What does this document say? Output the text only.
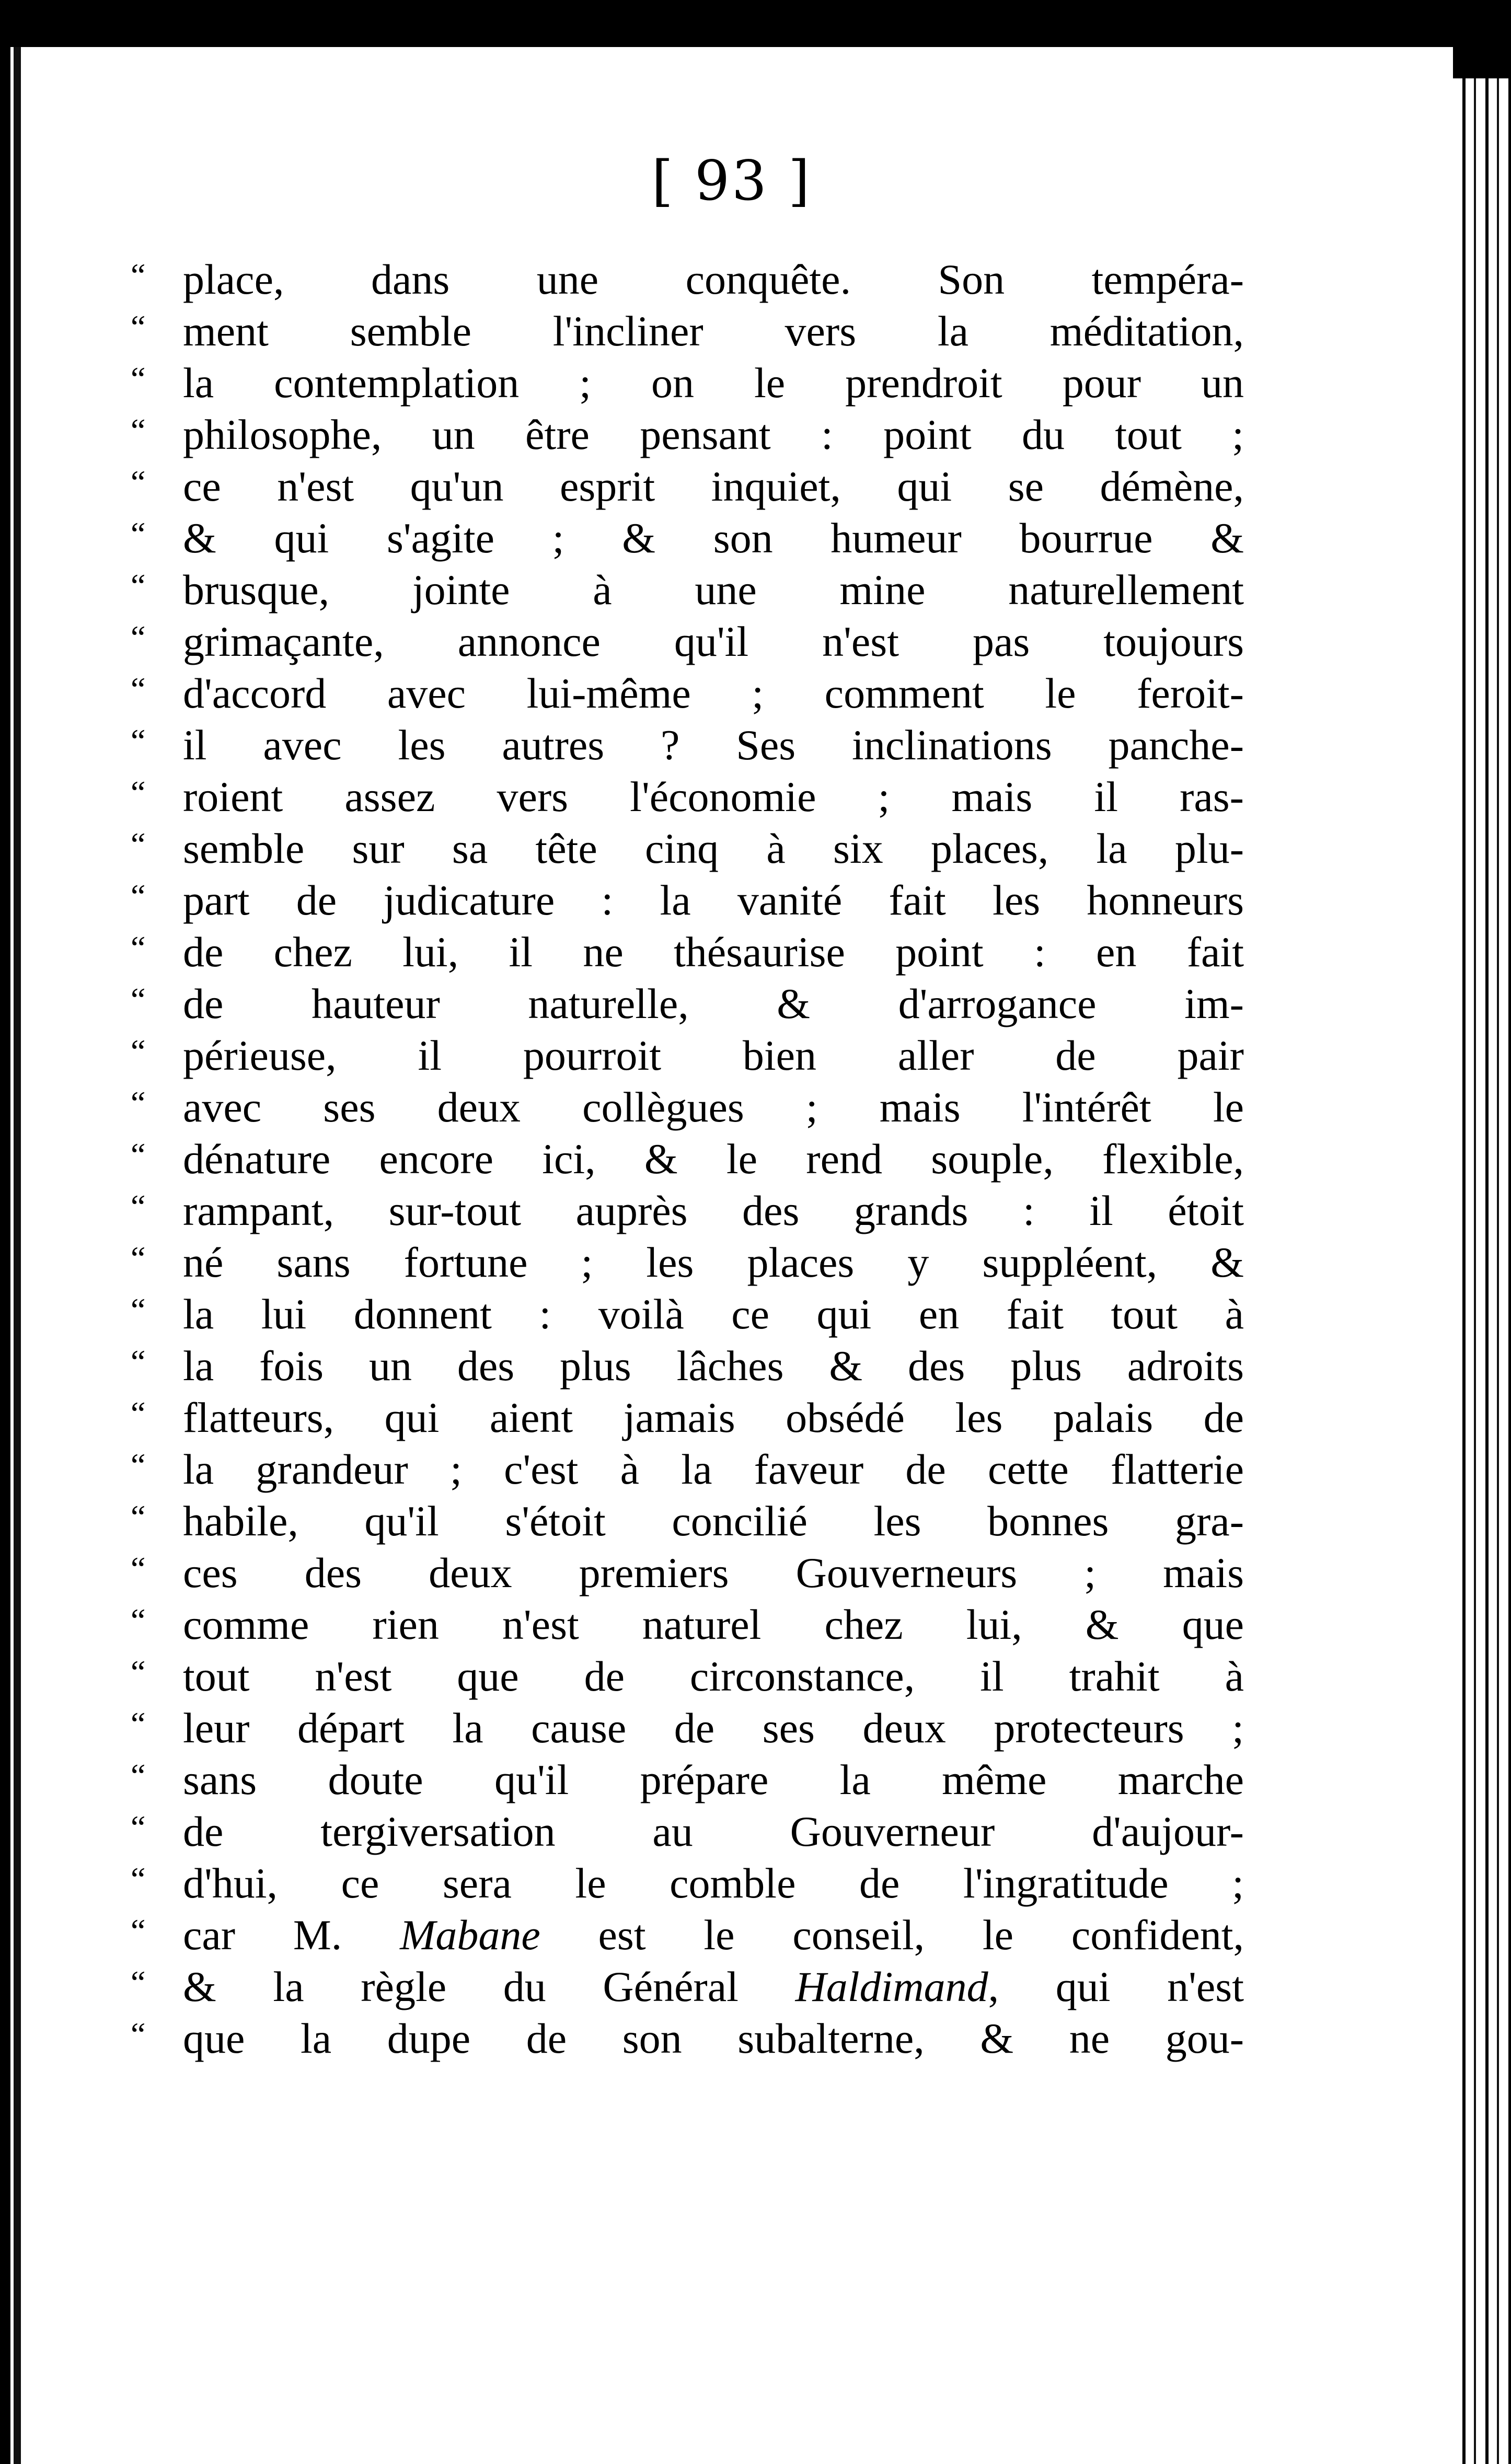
[ 93 ]
“ place, dans une conquête. Son tempéra-
“ ment semble l'incliner vers la méditation,
“ la contemplation ; on le prendroit pour un
“ philosophe, un être pensant : point du tout ;
“ ce n'est qu'un esprit inquiet, qui se démène,
“ & qui s'agite ; & son humeur bourrue &
“ brusque, jointe à une mine naturellement
“ grimaçante, annonce qu'il n'est pas toujours
“ d'accord avec lui-même ; comment le feroit-
“ il avec les autres ? Ses inclinations panche-
“ roient assez vers l'économie ; mais il ras-
“ semble sur sa tête cinq à six places, la plu-
“ part de judicature : la vanité fait les honneurs
“ de chez lui, il ne thésaurise point : en fait
“ de hauteur naturelle, & d'arrogance im-
“ périeuse, il pourroit bien aller de pair
“ avec ses deux collègues ; mais l'intérêt le
“ dénature encore ici, & le rend souple, flexible,
“ rampant, sur-tout auprès des grands : il étoit
“ né sans fortune ; les places y suppléent, &
“ la lui donnent : voilà ce qui en fait tout à
“ la fois un des plus lâches & des plus adroits
“ flatteurs, qui aient jamais obsédé les palais de
“ la grandeur ; c'est à la faveur de cette flatterie
“ habile, qu'il s'étoit concilié les bonnes gra-
“ ces des deux premiers Gouverneurs ; mais
“ comme rien n'est naturel chez lui, & que
“ tout n'est que de circonstance, il trahit à
“ leur départ la cause de ses deux protecteurs ;
“ sans doute qu'il prépare la même marche
“ de tergiversation au Gouverneur d'aujour-
“ d'hui, ce sera le comble de l'ingratitude ;
“ car M. Mabane est le conseil, le confident,
“ & la règle du Général Haldimand, qui n'est
“ que la dupe de son subalterne, & ne gou-
